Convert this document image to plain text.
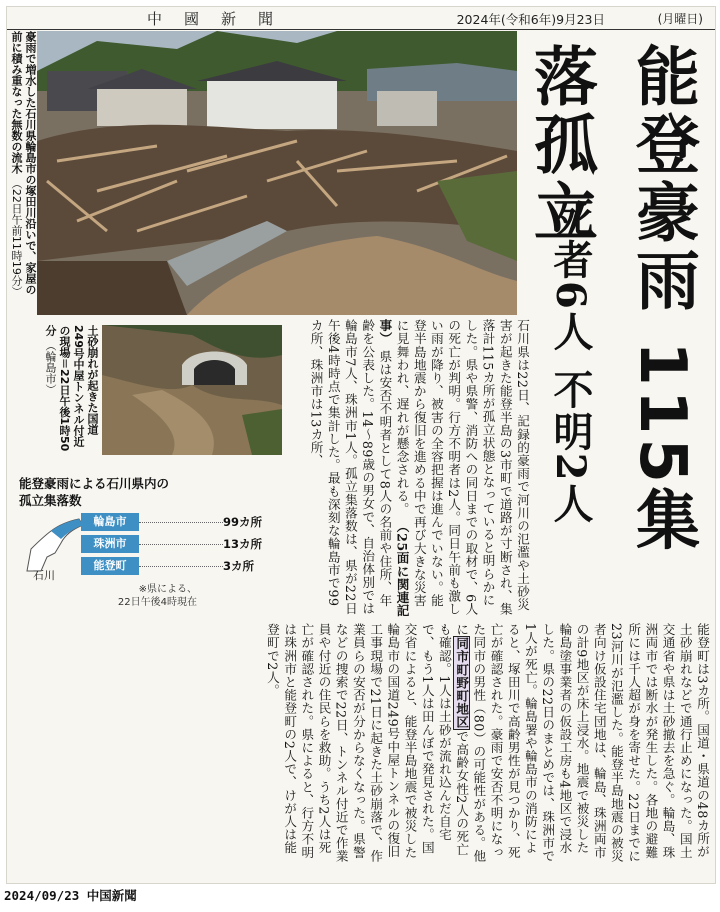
中國新聞	2024年(令和6年)9月23日	(月曜日)
豪雨で増水した石川県輪島市の塚田川沿いで、家屋の前に積み重なった無数の流木 （22日午前11時19分）
土砂崩れが起きた国道249号中屋トンネル付近の現場＝22日午後1時50分 （輪島市）	能登豪雨 115集落孤立
死者6人 不明2人
石川県は22日、記録的豪雨で河川の氾濫や土砂災害が起きた能登半島の3市町で道路が寸断され、集落計115カ所が孤立状態となっていると明らかにした。県や県警、消防への同日までの取材で、6人の死亡が判明。行方不明者は2人。同日午前も激しい雨が降り、被害の全容把握は進んでいない。能登半島地震から復旧を進める中で再び大きな災害に見舞われ、遅れが懸念される。 （25面に関連記事） 県は安否不明者として8人の名前や住所、年齢を公表した。14〜89歳の男女で、自治体別では輪島市7人、珠洲市1人。孤立集落数は、県が22日午後4時時点で集計した。最も深刻な輪島市で99カ所、珠洲市は13カ所、
能登豪雨による石川県内の
孤立集落数
石川
輪島市	99カ所
珠洲市	13カ所
能登町	3カ所
※県による、
22日午後4時現在
能登町は3カ所。国道・県道の48カ所が土砂崩れなどで通行止めになった。国土交通省や県は土砂撤去を急ぐ。輪島、珠洲両市では断水が発生した。各地の避難所には千人超が身を寄せた。22日までに23河川が氾濫した。能登半島地震の被災者向け仮設住宅団地は、輪島、珠洲両市の計9地区が床上浸水。地震で被災した輪島塗事業者の仮設工房も4地区で浸水した。県の22日のまとめでは、珠洲市で1人が死亡。輪島署や輪島市の消防によると、塚田川で高齢男性が見つかり、死亡が確認された。豪雨で安否不明になった同市の男性（80）の可能性がある。他に同市町野町地区で高齢女性2人の死亡も確認。1人は土砂が流れ込んだ自宅で、もう1人は田んぼで発見された。国交省によると、能登半島地震で被災した輪島市の国道249号中屋トンネルの復旧工事現場で21日に起きた土砂崩落で、作業員らの安否が分からなくなった。県警などの捜索で22日、トンネル付近で作業員や付近の住民らを救助。うち2人は死亡が確認された。県によると、行方不明は珠洲市と能登町の2人で、けが人は能登町で2人。
2024/09/23 中国新聞
